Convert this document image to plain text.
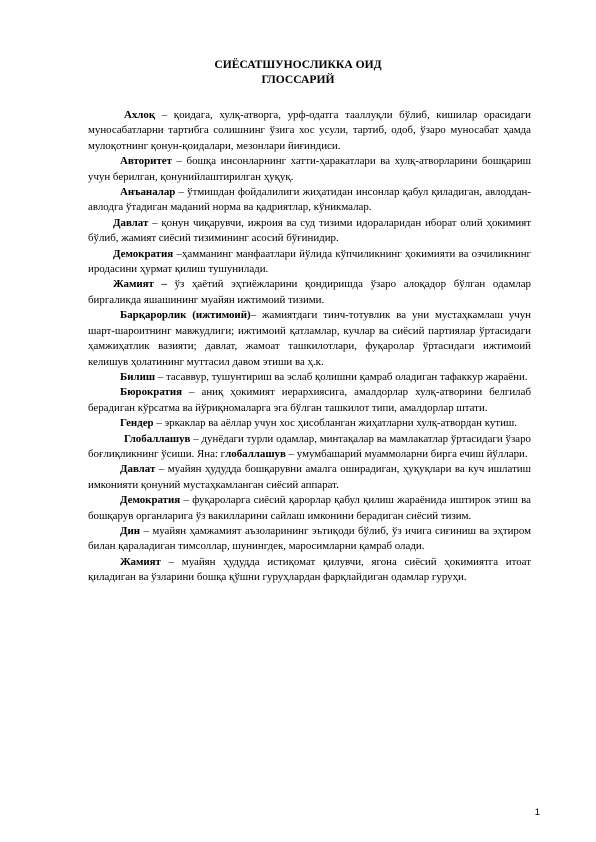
СИЁСАТШУНОСЛИККА ОИД
ГЛОССАРИЙ

Ахлоқ – қоидага, хулқ-атворга, урф-одатга тааллуқли бўлиб, кишилар орасидаги муносабатларни тартибга солишнинг ўзига хос усули, тартиб, одоб, ўзаро муносабат ҳамда мулоқотнинг қонун-қоидалари, мезонлари йиғиндиси.

Авторитет – бошқа инсонларнинг хатти-ҳаракатлари ва хулқ-атворларини бошқариш учун берилган, қонунийлаштирилган ҳуқуқ.

Анъаналар – ўтмишдан фойдалилиги жиҳатидан инсонлар қабул қиладиган, авлоддан-авлодга ўтадиган маданий норма ва қадриятлар, кўникмалар.

Давлат – қонун чиқарувчи, ижроия ва суд тизими идораларидан иборат олий ҳокимият бўлиб, жамият сиёсий тизимининг асосий бўғинидир.

Демократия –ҳамманинг манфаатлари йўлида кўпчиликнинг ҳокимияти ва озчиликнинг иродасини ҳурмат қилиш тушунилади.

Жамият – ўз ҳаётий эҳтиёжларини қондиришда ўзаро алоқадор бўлган одамлар биргаликда яшашининг муайян ижтимоий тизими.

Барқарорлик (ижтимоий)– жамиятдаги тинч-тотувлик ва уни мустаҳкамлаш учун шарт-шароитнинг мавжудлиги; ижтимоий қатламлар, кучлар ва сиёсий партиялар ўртасидаги ҳамжиҳатлик вазияти; давлат, жамоат ташкилотлари, фуқаролар ўртасидаги ижтимоий келишув ҳолатининг муттасил давом этиши ва ҳ.к.

Билиш – тасаввур, тушунтириш ва эслаб қолишни қамраб оладиган тафаккур жараёни.

Бюрократия – аниқ ҳокимият иерархиясига, амалдорлар хулқ-атворини белгилаб берадиган кўрсатма ва йўриқномаларга эга бўлган ташкилот типи, амалдорлар штати.

Гендер – эркаклар ва аёллар учун хос ҳисобланган жиҳатларни хулқ-атвордан кутиш.

Глобаллашув – дунёдаги турли одамлар, минтақалар ва мамлакатлар ўртасидаги ўзаро боғлиқликнинг ўсиши. Яна: глобаллашув – умумбашарий муаммоларни бирга ечиш йўллари.

Давлат – муайян ҳудудда бошқарувни амалга оширадиган, ҳуқуқлари ва куч ишлатиш имконияти қонуний мустаҳкамланган сиёсий аппарат.

Демократия – фуқароларга сиёсий қарорлар қабул қилиш жараёнида иштирок этиш ва бошқарув органларига ўз вакилларини сайлаш имконини берадиган сиёсий тизим.

Дин – муайян ҳамжамият аъзоларининг эътиқоди бўлиб, ўз ичига сиғиниш ва эҳтиром билан қараладиган тимсоллар, шунингдек, маросимларни қамраб олади.

Жамият – муайян ҳудудда истиқомат қилувчи, ягона сиёсий ҳокимиятга итоат қиладиган ва ўзларини бошқа қўшни гуруҳлардан фарқлайдиган одамлар гуруҳи.

1
